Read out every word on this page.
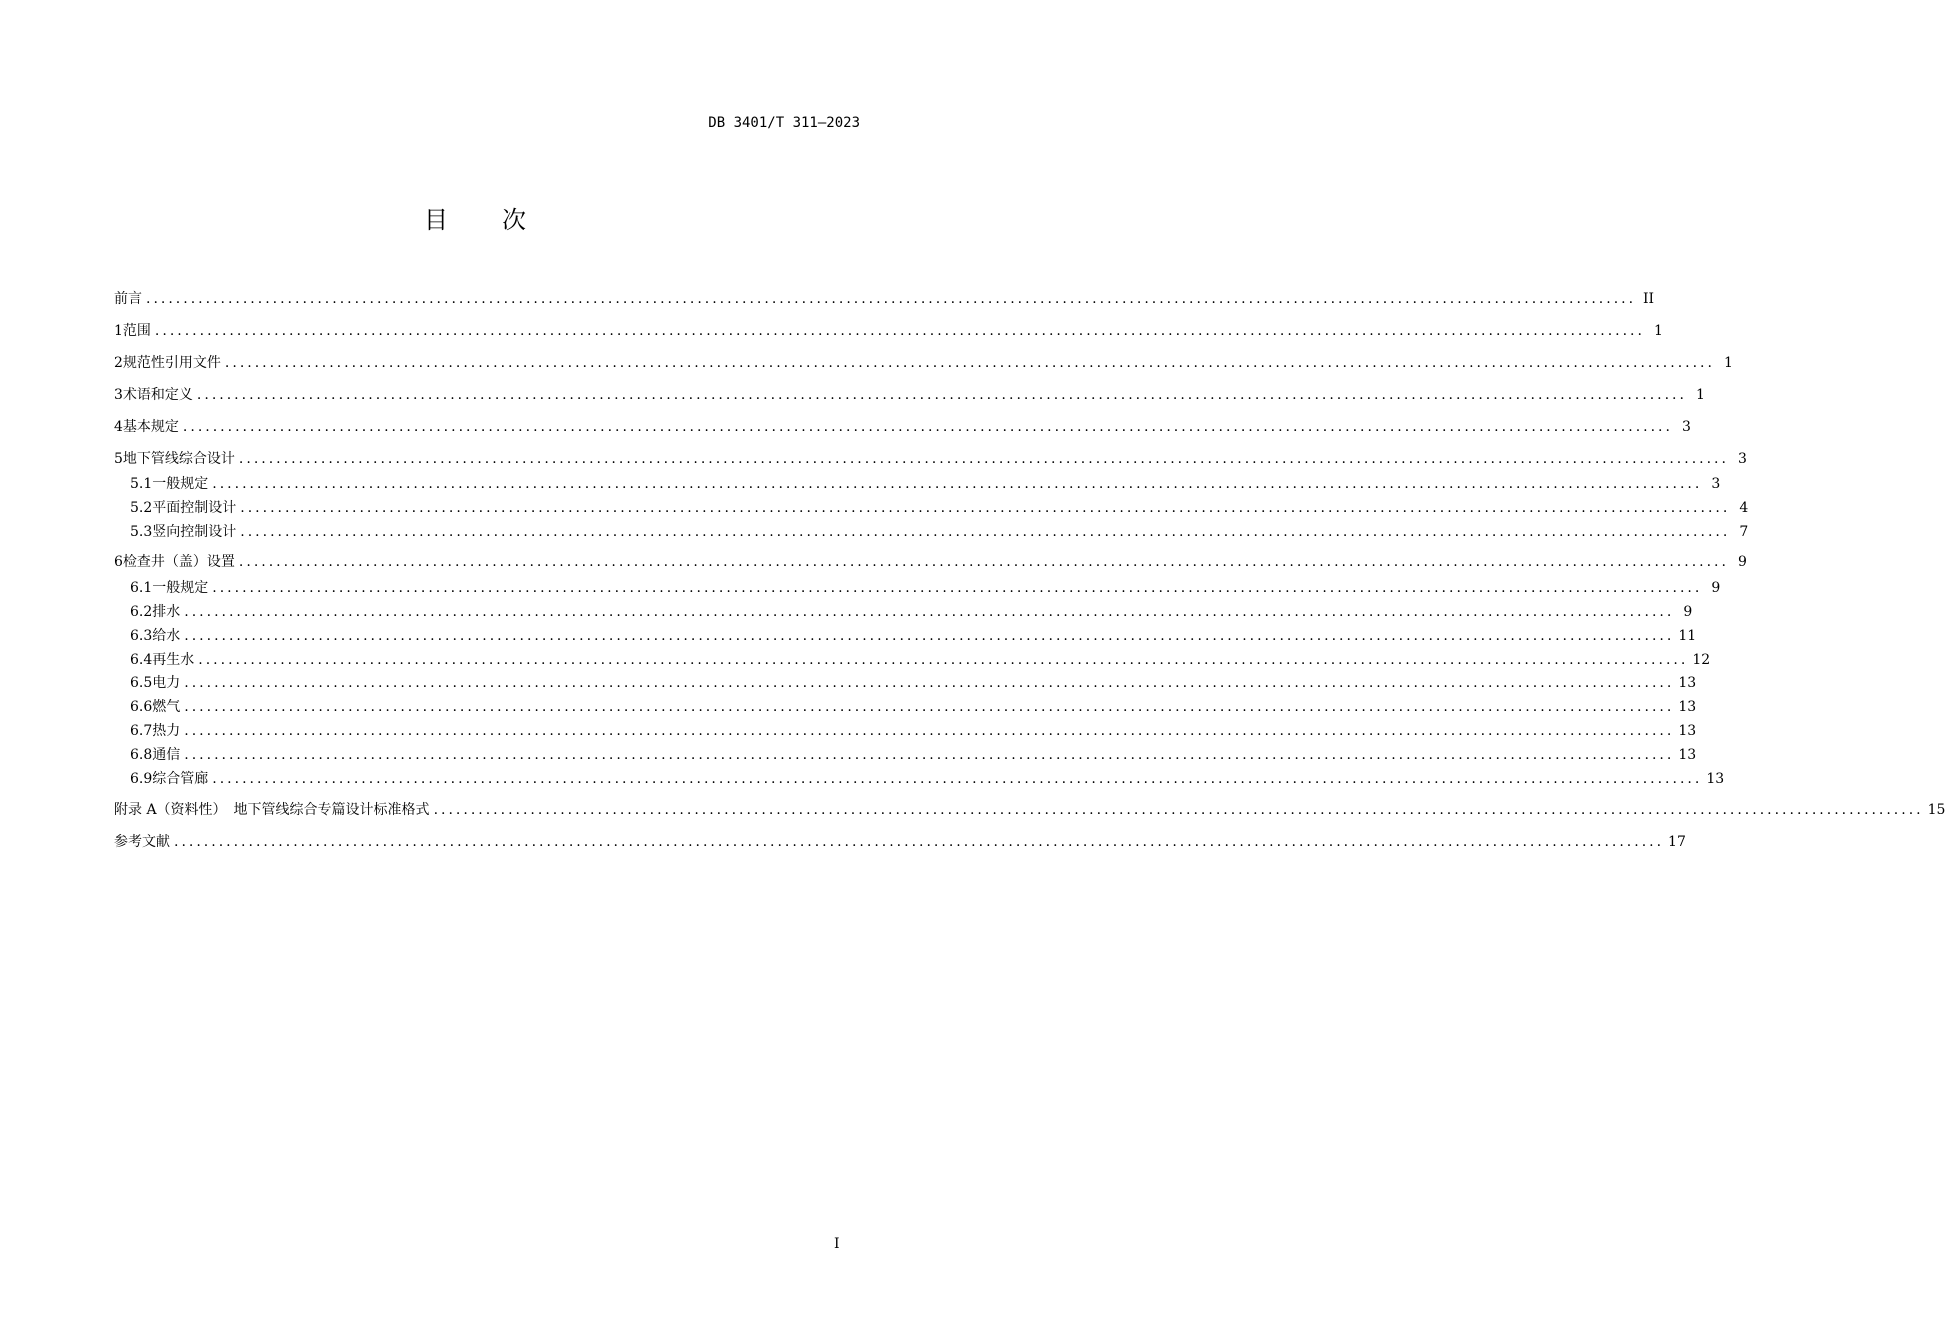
DB 3401/T 311—2023
目 次
前言 ........................................................................................................................................................................................................ II
1 范围 ........................................................................................................................................................................................................ 1
2 规范性引用文件 ........................................................................................................................................................................................................ 1
3 术语和定义 ........................................................................................................................................................................................................ 1
4 基本规定 ........................................................................................................................................................................................................ 3
5 地下管线综合设计 ........................................................................................................................................................................................................ 3
5.1 一般规定 ........................................................................................................................................................................................................ 3
5.2 平面控制设计 ........................................................................................................................................................................................................ 4
5.3 竖向控制设计 ........................................................................................................................................................................................................ 7
6 检查井（盖）设置 ........................................................................................................................................................................................................ 9
6.1 一般规定 ........................................................................................................................................................................................................ 9
6.2 排水 ........................................................................................................................................................................................................ 9
6.3 给水 ........................................................................................................................................................................................................ 11
6.4 再生水 ........................................................................................................................................................................................................ 12
6.5 电力 ........................................................................................................................................................................................................ 13
6.6 燃气 ........................................................................................................................................................................................................ 13
6.7 热力 ........................................................................................................................................................................................................ 13
6.8 通信 ........................................................................................................................................................................................................ 13
6.9 综合管廊 ........................................................................................................................................................................................................ 13
附录 A（资料性）　地下管线综合专篇设计标准格式 ........................................................................................................................................................................................................ 15
参考文献 ........................................................................................................................................................................................................ 17
I
